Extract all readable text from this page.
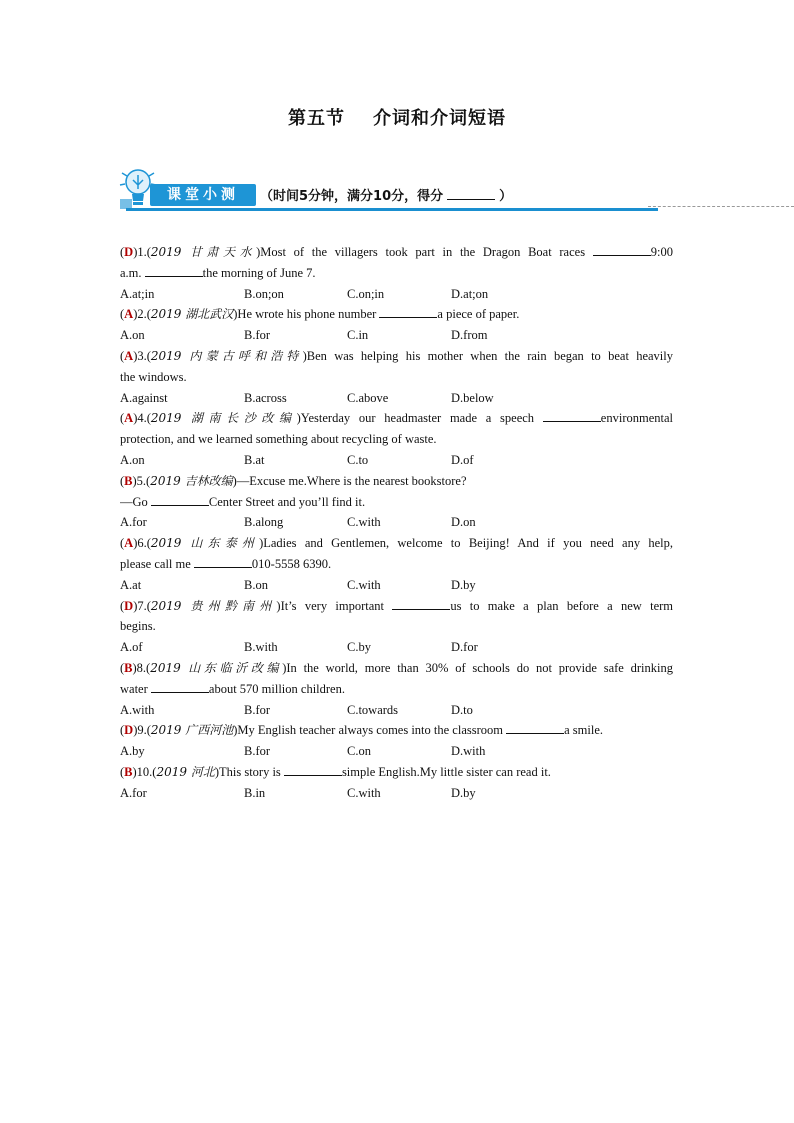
第五节 介词和介词短语
课堂小测	（时间5分钟，满分10分，得分	）
(D)1.(2019 甘肃天水)Most of the villagers took part in the Dragon Boat races	9:00
a.m.	the morning of June 7.
A.at;in	B.on;on	C.on;in	D.at;on
(A)2.(2019 湖北武汉)He wrote his phone number	a piece of paper.
A.on	B.for	C.in	D.from
(A)3.(2019 内蒙古呼和浩特)Ben was helping his mother when the rain began to beat heavily
the windows.
A.against	B.across	C.above	D.below
(A)4.(2019 湖南长沙改编)Yesterday our headmaster made a speech	environmental
protection, and we learned something about recycling of waste.
A.on	B.at	C.to	D.of
(B)5.(2019 吉林改编)—Excuse me.Where is the nearest bookstore?
—Go	Center Street and you’ll find it.
A.for	B.along	C.with	D.on
(A)6.(2019 山东泰州)Ladies and Gentlemen, welcome to Beijing! And if you need any help,
please call me	010-5558 6390.
A.at	B.on	C.with	D.by
(D)7.(2019 贵州黔南州)It’s very important	us to make a plan before a new term
begins.
A.of	B.with	C.by	D.for
(B)8.(2019 山东临沂改编)In the world, more than 30% of schools do not provide safe drinking
water	about 570 million children.
A.with	B.for	C.towards	D.to
(D)9.(2019 广西河池)My English teacher always comes into the classroom	a smile.
A.by	B.for	C.on	D.with
(B)10.(2019 河北)This story is	simple English.My little sister can read it.
A.for	B.in	C.with	D.by
